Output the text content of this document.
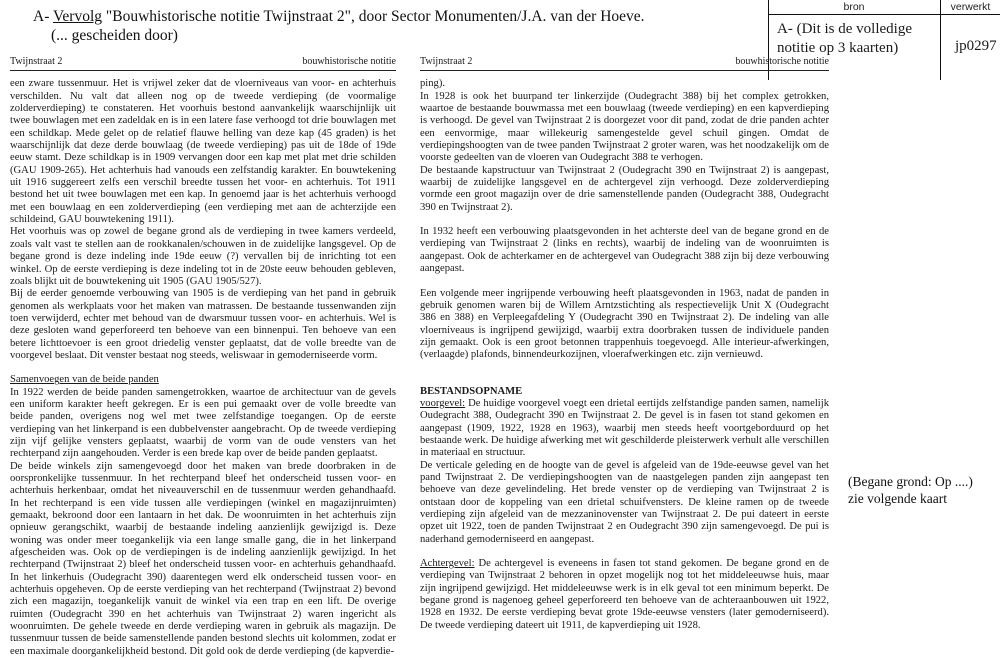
A- Vervolg "Bouwhistorische notitie Twijnstraat 2", door Sector Monumenten/J.A. van der Hoeve.
(... gescheiden door)
bron	verwerkt
A- (Dit is de volledige notitie op 3 kaarten)	jp0297
Twijnstraat 2	bouwhistorische notitie

een zware tussenmuur. Het is vrijwel zeker dat de vloerniveaus van voor- en achterhuis verschilden. Nu valt dat alleen nog op de tweede verdieping (de voormalige zolderverdieping) te constateren. Het voorhuis bestond aanvankelijk waarschijnlijk uit twee bouwlagen met een zadeldak en is in een latere fase verhoogd tot drie bouwlagen met een schildkap. Mede gelet op de relatief flauwe helling van deze kap (45 graden) is het waarschijnlijk dat deze derde bouwlaag (de tweede verdieping) pas uit de 18de of 19de eeuw stamt. Deze schildkap is in 1909 vervangen door een kap met plat met drie schilden (GAU 1909-265). Het achterhuis had vanouds een zelfstandig karakter. En bouwtekening uit 1916 suggereert zelfs een verschil breedte tussen het voor- en achterhuis. Tot 1911 bestond het uit twee bouwlagen met een kap. In genoemd jaar is het achterhuis verhoogd met een bouwlaag en een zolderverdieping (een verdieping met aan de achterzijde een schildeind, GAU bouwtekening 1911).

Het voorhuis was op zowel de begane grond als de verdieping in twee kamers verdeeld, zoals valt vast te stellen aan de rookkanalen/schouwen in de zuidelijke langsgevel. Op de begane grond is deze indeling inde 19de eeuw (?) vervallen bij de inrichting tot een winkel. Op de eerste verdieping is deze indeling tot in de 20ste eeuw behouden gebleven, zoals blijkt uit de bouwtekening uit 1905 (GAU 1905/527).

Bij de eerder genoemde verbouwing van 1905 is de verdieping van het pand in gebruik genomen als werkplaats voor het maken van matrassen. De bestaande tussenwanden zijn toen verwijderd, echter met behoud van de dwarsmuur tussen voor- en achterhuis. Wel is deze gesloten wand geperforeerd ten behoeve van een binnenpui. Ten behoeve van een betere lichttoevoer is een groot driedelig venster geplaatst, dat de volle breedte van de voorgevel beslaat. Dit venster bestaat nog steeds, weliswaar in gemoderniseerde vorm.

Samenvoegen van de beide panden

In 1922 werden de beide panden samengetrokken, waartoe de architectuur van de gevels een uniform karakter heeft gekregen. Er is een pui gemaakt over de volle breedte van beide panden, overigens nog wel met twee zelfstandige toegangen. Op de eerste verdieping van het linkerpand is een dubbelvenster aangebracht. Op de tweede verdieping zijn vijf gelijke vensters geplaatst, waarbij de vorm van de oude vensters van het rechterpand zijn aangehouden. Verder is een brede kap over de beide panden geplaatst.

De beide winkels zijn samengevoegd door het maken van brede doorbraken in de oorspronkelijke tussenmuur. In het rechterpand bleef het onderscheid tussen voor- en achterhuis herkenbaar, omdat het niveauverschil en de tussenmuur werden gehandhaafd. In het rechterpand is een vide tussen alle verdiepingen (winkel en magazijnruimten) gemaakt, bekroond door een lantaarn in het dak. De woonruimten in het achterhuis zijn opnieuw gerangschikt, waarbij de bestaande indeling aanzienlijk gewijzigd is. Deze woning was onder meer toegankelijk via een lange smalle gang, die in het linkerpand afgescheiden was. Ook op de verdiepingen is de indeling aanzienlijk gewijzigd. In het rechterpand (Twijnstraat 2) bleef het onderscheid tussen voor- en achterhuis gehandhaafd. In het linkerhuis (Oudegracht 390) daarentegen werd elk onderscheid tussen voor- en achterhuis opgeheven. Op de eerste verdieping van het rechterpand (Twijnstraat 2) bevond zich een magazijn, toegankelijk vanuit de winkel via een trap en een lift. De overige ruimten (Oudegracht 390 en het achterhuis van Twijnstraat 2) waren ingericht als woonruimten. De gehele tweede en derde verdieping waren in gebruik als magazijn. De tussenmuur tussen de beide samenstellende panden bestond slechts uit kolommen, zodat er een maximale doorgankelijkheid bestond. Dit gold ook de derde verdieping (de kapverdie-

Twijnstraat 2	bouwhistorische notitie

ping).

In 1928 is ook het buurpand ter linkerzijde (Oudegracht 388) bij het complex getrokken, waartoe de bestaande bouwmassa met een bouwlaag (tweede verdieping) en een kapverdieping is verhoogd. De gevel van Twijnstraat 2 is doorgezet voor dit pand, zodat de drie panden achter een eenvormige, maar willekeurig samengestelde gevel schuil gingen. Omdat de verdiepingshoogten van de twee panden Twijnstraat 2 groter waren, was het noodzakelijk om de voorste gedeelten van de vloeren van Oudegracht 388 te verhogen.

De bestaande kapstructuur van Twijnstraat 2 (Oudegracht 390 en Twijnstraat 2) is aangepast, waarbij de zuidelijke langsgevel en de achtergevel zijn verhoogd. Deze zolderverdieping vormde een groot magazijn over de drie samenstellende panden (Oudegracht 388, Oudegracht 390 en Twijnstraat 2).

In 1932 heeft een verbouwing plaatsgevonden in het achterste deel van de begane grond en de verdieping van Twijnstraat 2 (links en rechts), waarbij de indeling van de woonruimten is aangepast. Ook de achterkamer en de achtergevel van Oudegracht 388 zijn bij deze verbouwing aangepast.

Een volgende meer ingrijpende verbouwing heeft plaatsgevonden in 1963, nadat de panden in gebruik genomen waren bij de Willem Arntzstichting als respectievelijk Unit X (Oudegracht 386 en 388) en Verpleegafdeling Y (Oudegracht 390 en Twijnstraat 2). De indeling van alle vloerniveaus is ingrijpend gewijzigd, waarbij extra doorbraken tussen de individuele panden zijn gemaakt. Ook is een groot betonnen trappenhuis toegevoegd. Alle interieur-afwerkingen, (verlaagde) plafonds, binnendeurkozijnen, vloerafwerkingen etc. zijn vernieuwd.

BESTANDSOPNAME

voorgevel: De huidige voorgevel voegt een drietal eertijds zelfstandige panden samen, namelijk Oudegracht 388, Oudegracht 390 en Twijnstraat 2. De gevel is in fasen tot stand gekomen en aangepast (1909, 1922, 1928 en 1963), waarbij men steeds heeft voortgeborduurd op het bestaande werk. De huidige afwerking met wit geschilderde pleisterwerk verhult alle verschillen in materiaal en structuur.

De verticale geleding en de hoogte van de gevel is afgeleid van de 19de-eeuwse gevel van het pand Twijnstraat 2. De verdiepingshoogten van de naastgelegen panden zijn aangepast ten behoeve van deze gevelindeling. Het brede venster op de verdieping van Twijnstraat 2 is ontstaan door de koppeling van een drietal schuifvensters. De kleine ramen op de tweede verdieping zijn afgeleid van de mezzaninovenster van Twijnstraat 2. De pui dateert in eerste opzet uit 1922, toen de panden Twijnstraat 2 en Oudegracht 390 zijn samengevoegd. De pui is naderhand gemoderniseerd en aangepast.

Achtergevel: De achtergevel is eveneens in fasen tot stand gekomen. De begane grond en de verdieping van Twijnstraat 2 behoren in opzet mogelijk nog tot het middeleeuwse huis, maar zijn ingrijpend gewijzigd. Het middeleeuwse werk is in elk geval tot een minimum beperkt. De begane grond is nagenoeg geheel geperforeerd ten behoeve van de achteraanbouwen uit 1922, 1928 en 1932. De eerste verdieping bevat grote 19de-eeuwse vensters (later gemoderniseerd). De tweede verdieping dateert uit 1911, de kapverdieping uit 1928.

(Begane grond: Op ....)
zie volgende kaart
